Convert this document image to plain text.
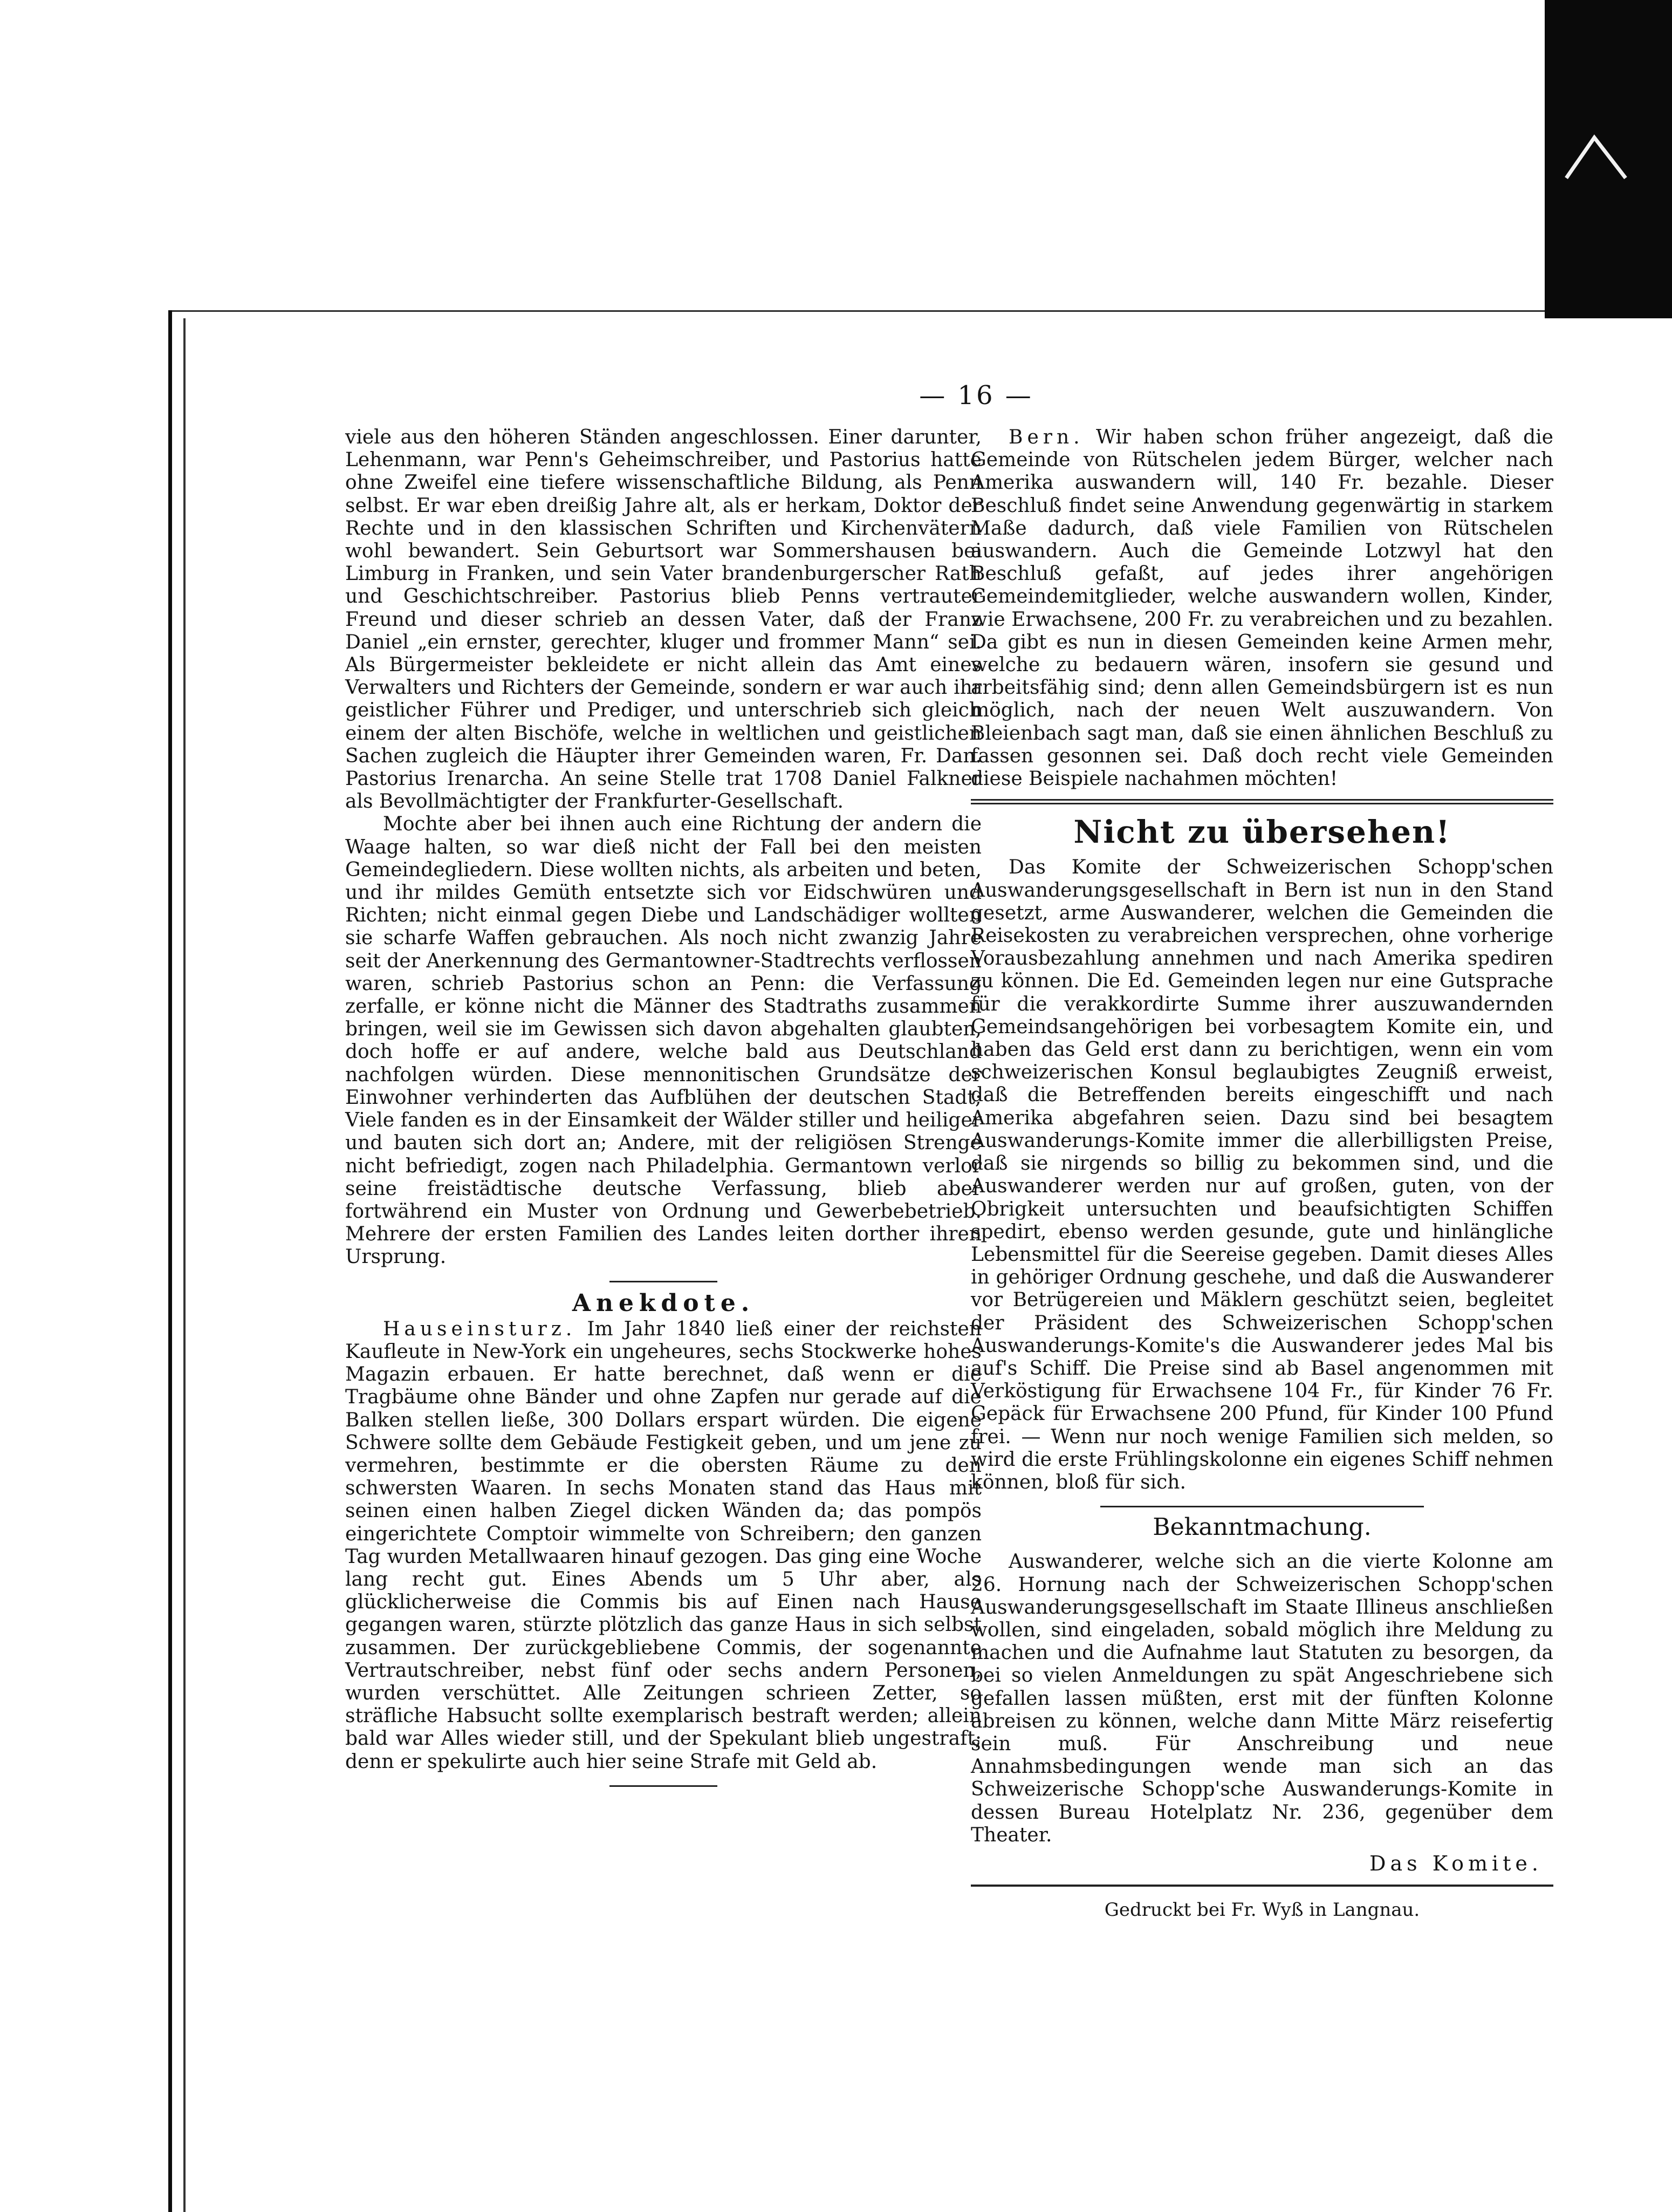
— 16 —

viele aus den höheren Ständen angeschlossen. Einer darunter, Lehenmann, war Penn's Geheimschreiber, und Pastorius hatte ohne Zweifel eine tiefere wissenschaftliche Bildung, als Penn selbst. Er war eben dreißig Jahre alt, als er herkam, Doktor der Rechte und in den klassischen Schriften und Kirchenvätern wohl bewandert. Sein Geburtsort war Sommershausen bei Limburg in Franken, und sein Vater brandenburgerscher Rath und Geschichtschreiber. Pastorius blieb Penns vertrauter Freund und dieser schrieb an dessen Vater, daß der Franz Daniel „ein ernster, gerechter, kluger und frommer Mann“ sei. Als Bürgermeister bekleidete er nicht allein das Amt eines Verwalters und Richters der Gemeinde, sondern er war auch ihr geistlicher Führer und Prediger, und unterschrieb sich gleich einem der alten Bischöfe, welche in weltlichen und geistlichen Sachen zugleich die Häupter ihrer Gemeinden waren, Fr. Dan. Pastorius Irenarcha. An seine Stelle trat 1708 Daniel Falkner als Bevollmächtigter der Frankfurter-Gesellschaft.

Mochte aber bei ihnen auch eine Richtung der andern die Waage halten, so war dieß nicht der Fall bei den meisten Gemeindegliedern. Diese wollten nichts, als arbeiten und beten, und ihr mildes Gemüth entsetzte sich vor Eidschwüren und Richten; nicht einmal gegen Diebe und Landschädiger wollten sie scharfe Waffen gebrauchen. Als noch nicht zwanzig Jahre seit der Anerkennung des Germantowner-Stadtrechts verflossen waren, schrieb Pastorius schon an Penn: die Verfassung zerfalle, er könne nicht die Männer des Stadtraths zusammen bringen, weil sie im Gewissen sich davon abgehalten glaubten, doch hoffe er auf andere, welche bald aus Deutschland nachfolgen würden. Diese mennonitischen Grundsätze der Einwohner verhinderten das Aufblühen der deutschen Stadt; Viele fanden es in der Einsamkeit der Wälder stiller und heiliger und bauten sich dort an; Andere, mit der religiösen Strenge nicht befriedigt, zogen nach Philadelphia. Germantown verlor seine freistädtische deutsche Verfassung, blieb aber fortwährend ein Muster von Ordnung und Gewerbebetrieb. Mehrere der ersten Familien des Landes leiten dorther ihren Ursprung.

Anekdote.

Hauseinsturz. Im Jahr 1840 ließ einer der reichsten Kaufleute in New-York ein ungeheures, sechs Stockwerke hohes Magazin erbauen. Er hatte berechnet, daß wenn er die Tragbäume ohne Bänder und ohne Zapfen nur gerade auf die Balken stellen ließe, 300 Dollars erspart würden. Die eigene Schwere sollte dem Gebäude Festigkeit geben, und um jene zu vermehren, bestimmte er die obersten Räume zu den schwersten Waaren. In sechs Monaten stand das Haus mit seinen einen halben Ziegel dicken Wänden da; das pompös eingerichtete Comptoir wimmelte von Schreibern; den ganzen Tag wurden Metallwaaren hinauf gezogen. Das ging eine Woche lang recht gut. Eines Abends um 5 Uhr aber, als glücklicherweise die Commis bis auf Einen nach Hause gegangen waren, stürzte plötzlich das ganze Haus in sich selbst zusammen. Der zurückgebliebene Commis, der sogenannte Vertrautschreiber, nebst fünf oder sechs andern Personen, wurden verschüttet. Alle Zeitungen schrieen Zetter, so sträfliche Habsucht sollte exemplarisch bestraft werden; allein bald war Alles wieder still, und der Spekulant blieb ungestraft; denn er spekulirte auch hier seine Strafe mit Geld ab.

Bern. Wir haben schon früher angezeigt, daß die Gemeinde von Rütschelen jedem Bürger, welcher nach Amerika auswandern will, 140 Fr. bezahle. Dieser Beschluß findet seine Anwendung gegenwärtig in starkem Maße dadurch, daß viele Familien von Rütschelen auswandern. Auch die Gemeinde Lotzwyl hat den Beschluß gefaßt, auf jedes ihrer angehörigen Gemeindemitglieder, welche auswandern wollen, Kinder, wie Erwachsene, 200 Fr. zu verabreichen und zu bezahlen. Da gibt es nun in diesen Gemeinden keine Armen mehr, welche zu bedauern wären, insofern sie gesund und arbeitsfähig sind; denn allen Gemeindsbürgern ist es nun möglich, nach der neuen Welt auszuwandern. Von Bleienbach sagt man, daß sie einen ähnlichen Beschluß zu fassen gesonnen sei. Daß doch recht viele Gemeinden diese Beispiele nachahmen möchten!

Nicht zu übersehen!

Das Komite der Schweizerischen Schopp'schen Auswanderungsgesellschaft in Bern ist nun in den Stand gesetzt, arme Auswanderer, welchen die Gemeinden die Reisekosten zu verabreichen versprechen, ohne vorherige Vorausbezahlung annehmen und nach Amerika spediren zu können. Die Ed. Gemeinden legen nur eine Gutsprache für die verakkordirte Summe ihrer auszuwandernden Gemeindsangehörigen bei vorbesagtem Komite ein, und haben das Geld erst dann zu berichtigen, wenn ein vom schweizerischen Konsul beglaubigtes Zeugniß erweist, daß die Betreffenden bereits eingeschifft und nach Amerika abgefahren seien. Dazu sind bei besagtem Auswanderungs-Komite immer die allerbilligsten Preise, daß sie nirgends so billig zu bekommen sind, und die Auswanderer werden nur auf großen, guten, von der Obrigkeit untersuchten und beaufsichtigten Schiffen spedirt, ebenso werden gesunde, gute und hinlängliche Lebensmittel für die Seereise gegeben. Damit dieses Alles in gehöriger Ordnung geschehe, und daß die Auswanderer vor Betrügereien und Mäklern geschützt seien, begleitet der Präsident des Schweizerischen Schopp'schen Auswanderungs-Komite's die Auswanderer jedes Mal bis auf's Schiff. Die Preise sind ab Basel angenommen mit Verköstigung für Erwachsene 104 Fr., für Kinder 76 Fr. Gepäck für Erwachsene 200 Pfund, für Kinder 100 Pfund frei. — Wenn nur noch wenige Familien sich melden, so wird die erste Frühlingskolonne ein eigenes Schiff nehmen können, bloß für sich.

Bekanntmachung.

Auswanderer, welche sich an die vierte Kolonne am 26. Hornung nach der Schweizerischen Schopp'schen Auswanderungsgesellschaft im Staate Illineus anschließen wollen, sind eingeladen, sobald möglich ihre Meldung zu machen und die Aufnahme laut Statuten zu besorgen, da bei so vielen Anmeldungen zu spät Angeschriebene sich gefallen lassen müßten, erst mit der fünften Kolonne abreisen zu können, welche dann Mitte März reisefertig sein muß. Für Anschreibung und neue Annahmsbedingungen wende man sich an das Schweizerische Schopp'sche Auswanderungs-Komite in dessen Bureau Hotelplatz Nr. 236, gegenüber dem Theater.

Das Komite.
Gedruckt bei Fr. Wyß in Langnau.
